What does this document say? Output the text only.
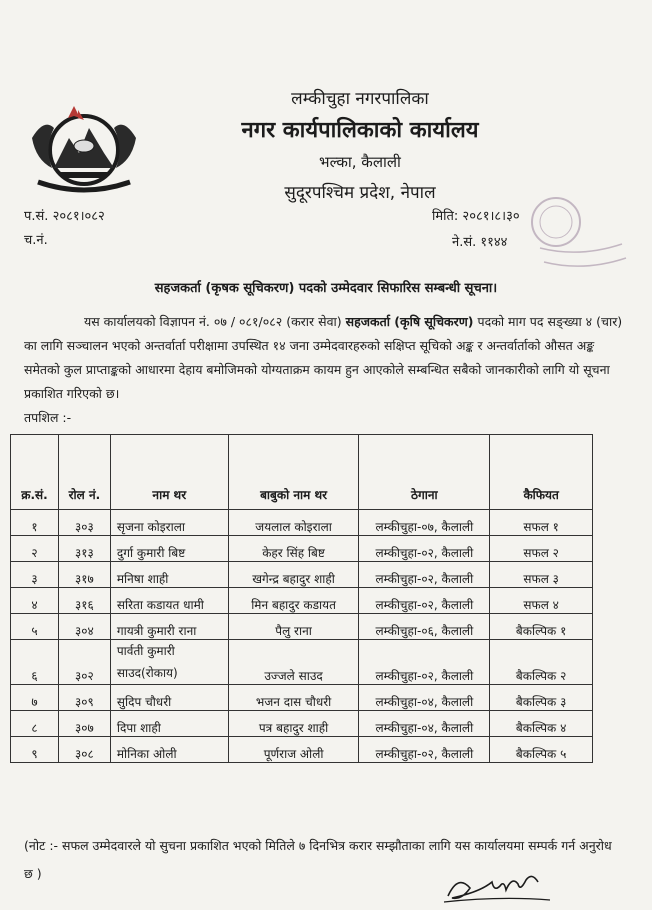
लम्कीचुहा नगरपालिका
नगर कार्यपालिकाको कार्यालय
भल्का, कैलाली
सुदूरपश्चिम प्रदेश, नेपाल
प.सं. २०८१।०८२
च.नं.
मिति: २०८१।८।३०
ने.सं. ११४४
सहजकर्ता (कृषक सूचिकरण) पदको उम्मेदवार सिफारिस सम्बन्धी सूचना।

यस कार्यालयको विज्ञापन नं. ०७ / ०८१/०८२ (करार सेवा) सहजकर्ता (कृषि सूचिकरण) पदको माग पद सङ्ख्या ४ (चार) का लागि सञ्चालन भएको अन्तर्वार्ता परीक्षामा उपस्थित १४ जना उम्मेदवारहरुको सक्षिप्त सूचिको अङ्क र अन्तर्वार्ताको औसत अङ्क समेतको कुल प्राप्ताङ्कको आधारमा देहाय बमोजिमको योग्यताक्रम कायम हुन आएकोले सम्बन्धित सबैको जानकारीको लागि यो सूचना प्रकाशित गरिएको छ।

तपशिल :-

क्र.सं.	रोल नं.	नाम थर	बाबुको नाम थर	ठेगाना	कैफियत
१	३०३	सृजना कोइराला	जयलाल कोइराला	लम्कीचुहा-०७, कैलाली	सफल १
२	३१३	दुर्गा कुमारी बिष्ट	केहर सिंह बिष्ट	लम्कीचुहा-०२, कैलाली	सफल २
३	३१७	मनिषा शाही	खगेन्द्र बहादुर शाही	लम्कीचुहा-०२, कैलाली	सफल ३
४	३१६	सरिता कडायत धामी	मिन बहादुर कडायत	लम्कीचुहा-०२, कैलाली	सफल ४
५	३०४	गायत्री कुमारी राना	पैलु राना	लम्कीचुहा-०६, कैलाली	बैकल्पिक १
६	३०२	पार्वती कुमारी
साउद(रोकाय)	उज्जले साउद	लम्कीचुहा-०२, कैलाली	बैकल्पिक २
७	३०९	सुदिप चौधरी	भजन दास चौधरी	लम्कीचुहा-०४, कैलाली	बैकल्पिक ३
८	३०७	दिपा शाही	पत्र बहादुर शाही	लम्कीचुहा-०४, कैलाली	बैकल्पिक ४
९	३०८	मोनिका ओली	पूर्णराज ओली	लम्कीचुहा-०२, कैलाली	बैकल्पिक ५
(नोट :- सफल उम्मेदवारले यो सुचना प्रकाशित भएको मितिले ७ दिनभित्र करार सम्झौताका लागि यस कार्यालयमा सम्पर्क गर्न अनुरोध छ )
